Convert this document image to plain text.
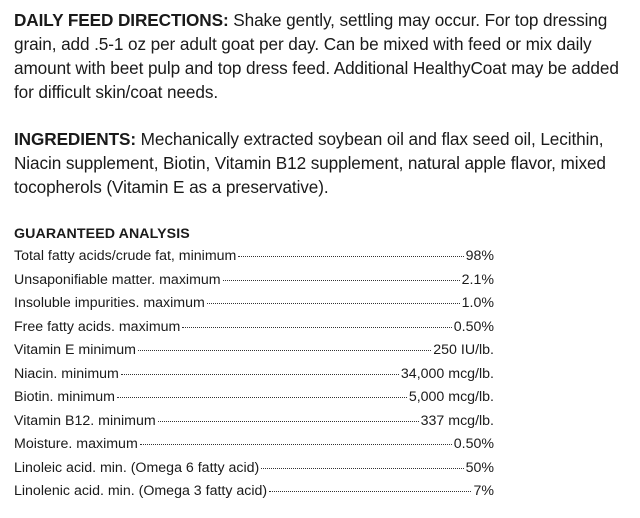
DAILY FEED DIRECTIONS: Shake gently, settling may occur. For top dressing grain, add .5-1 oz per adult goat per day. Can be mixed with feed or mix daily amount with beet pulp and top dress feed. Additional HealthyCoat may be added for difficult skin/coat needs.

INGREDIENTS: Mechanically extracted soybean oil and flax seed oil, Lecithin, Niacin supplement, Biotin, Vitamin B12 supplement, natural apple flavor, mixed tocopherols (Vitamin E as a preservative).

GUARANTEED ANALYSIS
Total fatty acids/crude fat, minimum	98%
Unsaponifiable matter. maximum	2.1%
Insoluble impurities. maximum	1.0%
Free fatty acids. maximum	0.50%
Vitamin E minimum	250 IU/lb.
Niacin. minimum	34,000 mcg/lb.
Biotin. minimum	5,000 mcg/lb.
Vitamin B12. minimum	337 mcg/lb.
Moisture. maximum	0.50%
Linoleic acid. min. (Omega 6 fatty acid)	50%
Linolenic acid. min. (Omega 3 fatty acid)	7%
